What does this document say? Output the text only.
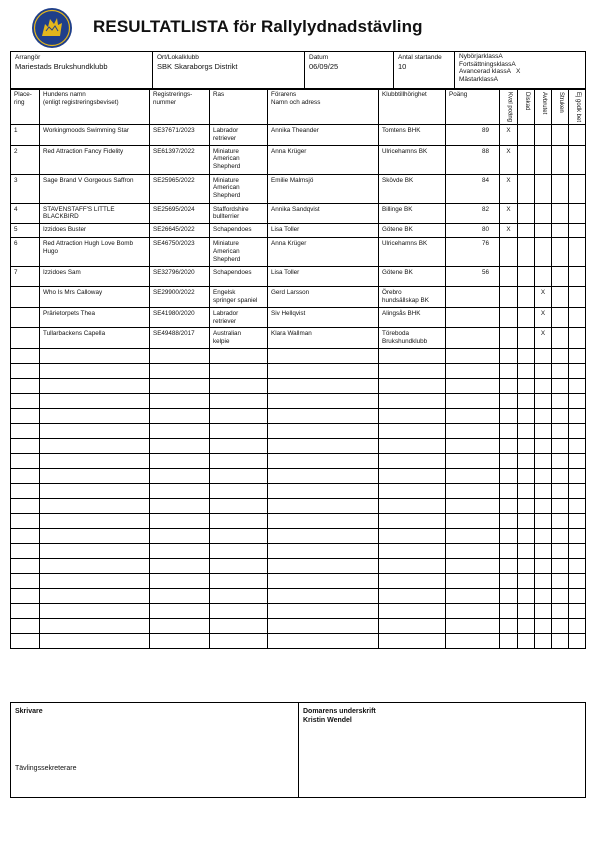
RESULTATLISTA för Rallylydnadstävling
Arrangör
Mariestads Brukshundklubb

Ort/Lokalklubb
SBK Skaraborgs Distrikt

Datum
06/09/25

Antal startande
10

NybörjarklassA
FortsättningsklassA
Avancerad klassA   X
MästarklassA
Place-
ring	Hundens namn
(enligt registreringsbeviset)	Registrerings-
nummer	Ras	Förarens
Namn och adress	Klubbtillhörighet	Poäng	Kval poäng	Diskad	Avbrutet	Struken	Ej godk bet

1	Workingmoods Swimming Star	SE37671/2023	Labrador
retriever	Annika Theander	Tomtens BHK	89	X				
2	Red Attraction Fancy Fidelity	SE61397/2022	Miniature
American
Shepherd	Anna Krüger	Ulricehamns BK	88	X				
3	Sage Brand V Gorgeous Saffron	SE25965/2022	Miniature
American
Shepherd	Emilie Malmsjö	Skövde BK	84	X				
4	STAVENSTAFF'S LITTLE
BLACKBIRD	SE25695/2024	Staffordshire
bullterrier	Annika Sandqvist	Billinge BK	82	X				
5	Izzidoes Buster	SE26645/2022	Schapendoes	Lisa Toller	Götene BK	80	X				
6	Red Attraction Hugh Love Bomb
Hugo	SE46750/2023	Miniature
American
Shepherd	Anna Krüger	Ulricehamns BK	76					
7	Izzidoes Sam	SE32796/2020	Schapendoes	Lisa Toller	Götene BK	56					
	Who Is Mrs Calloway	SE29900/2022	Engelsk
springer spaniel	Gerd Larsson	Örebro
hundsällskap BK				X		
	Prärietorpets Thea	SE41980/2020	Labrador
retriever	Siv Hellqvist	Alingsås BHK				X		
	Tullarbackens Capella	SE49488/2017	Australian
kelpie	Klara Wallman	Töreboda
Brukshundklubb				X		

Skrivare
Tävlingssekreterare

Domarens underskrift
Kristin Wendel
